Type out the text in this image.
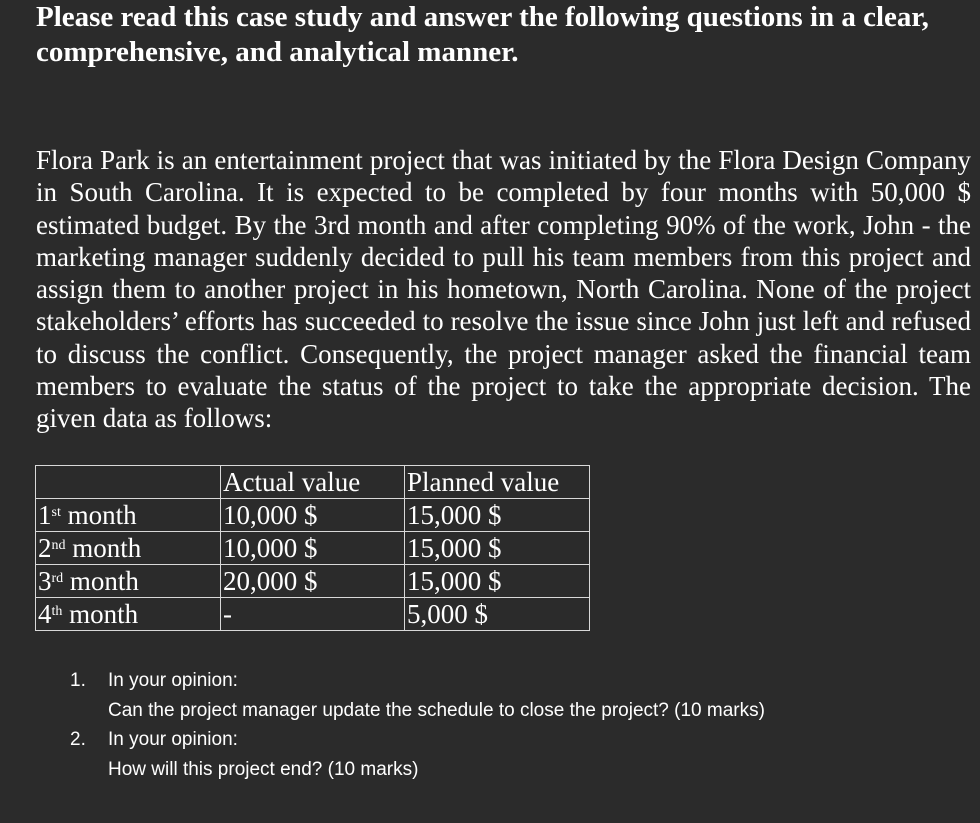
Please read this case study and answer the following questions in a clear, comprehensive, and analytical manner.

Flora Park is an entertainment project that was initiated by the Flora Design Company in South Carolina. It is expected to be completed by four months with 50,000 $ estimated budget. By the 3rd month and after completing 90% of the work, John - the marketing manager suddenly decided to pull his team members from this project and assign them to another project in his hometown, North Carolina. None of the project stakeholders’ efforts has succeeded to resolve the issue since John just left and refused to discuss the conflict. Consequently, the project manager asked the financial team members to evaluate the status of the project to take the appropriate decision. The given data as follows:

	Actual value	Planned value
1st month	10,000 $	15,000 $
2nd month	10,000 $	15,000 $
3rd month	20,000 $	15,000 $
4th month	-	5,000 $
1. In your opinion:
Can the project manager update the schedule to close the project? (10 marks)
2. In your opinion:
How will this project end? (10 marks)
